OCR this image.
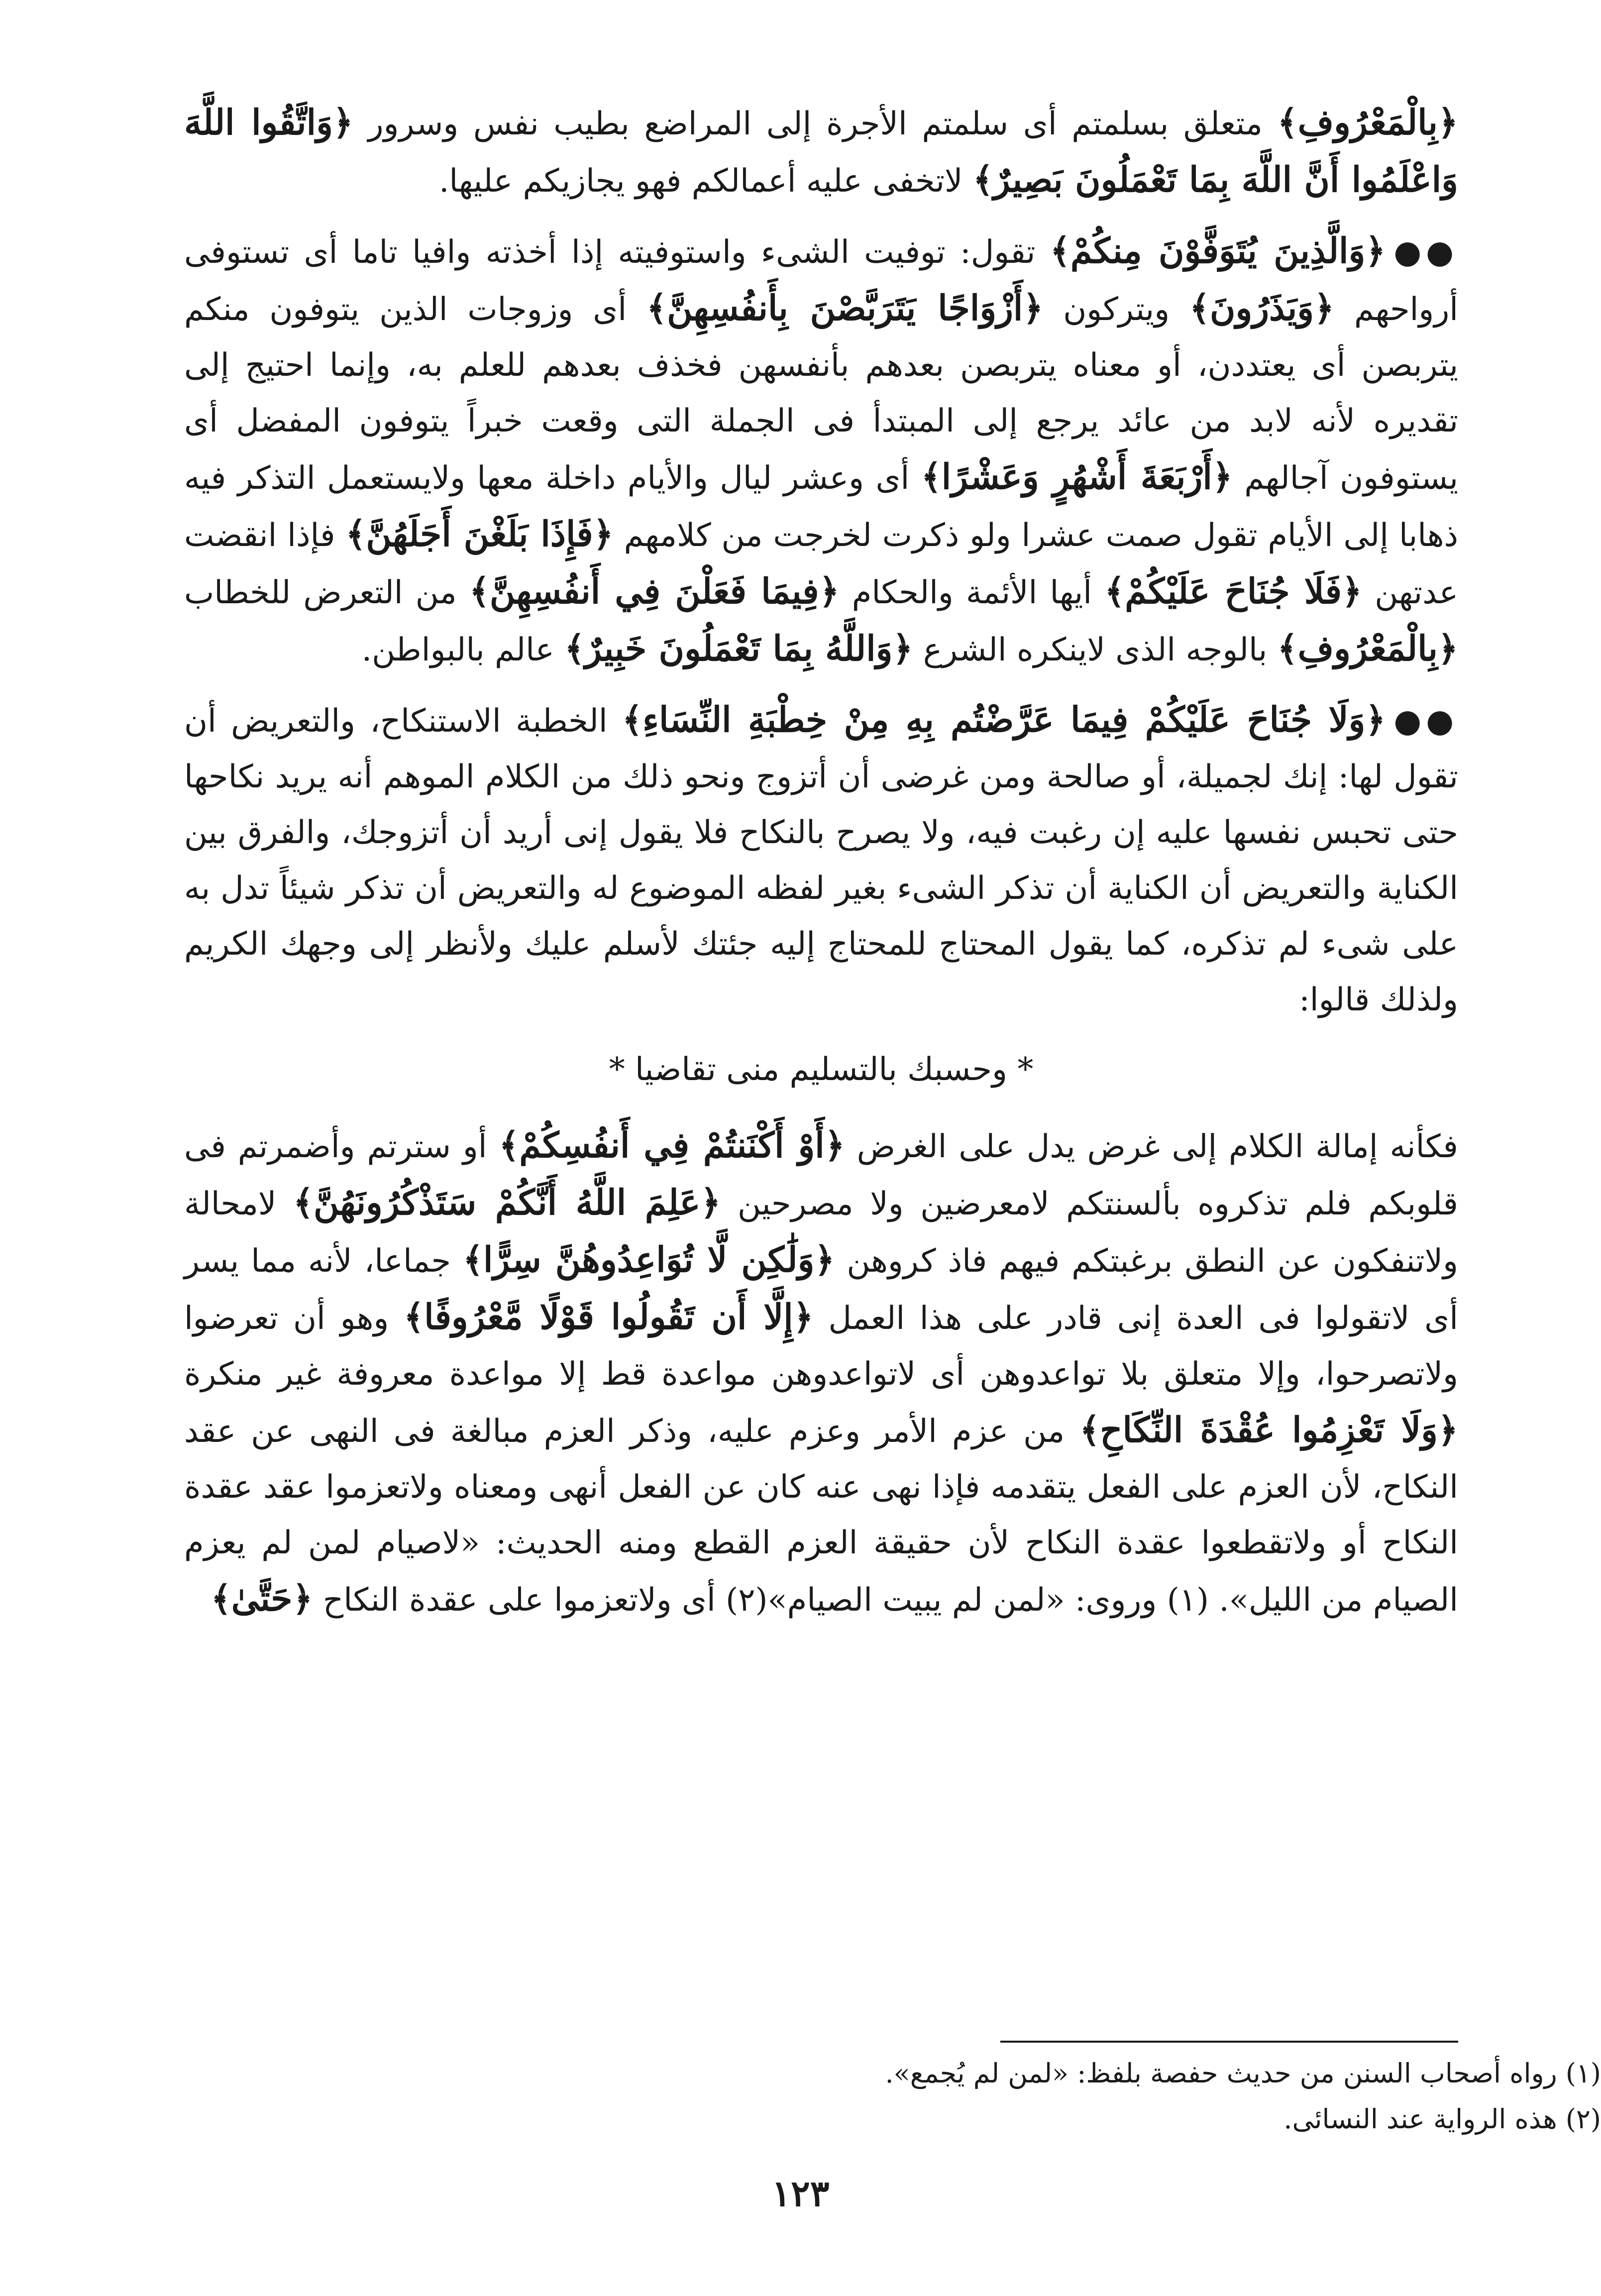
﴿بِالْمَعْرُوفِ﴾ متعلق بسلمتم أى سلمتم الأجرة إلى المراضع بطيب نفس وسرور ﴿وَاتَّقُوا اللَّهَ وَاعْلَمُوا أَنَّ اللَّهَ بِمَا تَعْمَلُونَ بَصِيرٌ﴾ لاتخفى عليه أعمالكم فهو يجازيكم عليها.

●●﴿وَالَّذِينَ يُتَوَفَّوْنَ مِنكُمْ﴾ تقول: توفيت الشىء واستوفيته إذا أخذته وافيا تاما أى تستوفى أرواحهم ﴿وَيَذَرُونَ﴾ ويتركون ﴿أَزْوَاجًا يَتَرَبَّصْنَ بِأَنفُسِهِنَّ﴾ أى وزوجات الذين يتوفون منكم يتربصن أى يعتددن، أو معناه يتربصن بعدهم بأنفسهن فخذف بعدهم للعلم به، وإنما احتيج إلى تقديره لأنه لابد من عائد يرجع إلى المبتدأ فى الجملة التى وقعت خبراً يتوفون المفضل أى يستوفون آجالهم ﴿أَرْبَعَةَ أَشْهُرٍ وَعَشْرًا﴾ أى وعشر ليال والأيام داخلة معها ولايستعمل التذكر فيه ذهابا إلى الأيام تقول صمت عشرا ولو ذكرت لخرجت من كلامهم ﴿فَإِذَا بَلَغْنَ أَجَلَهُنَّ﴾ فإذا انقضت عدتهن ﴿فَلَا جُنَاحَ عَلَيْكُمْ﴾ أيها الأئمة والحكام ﴿فِيمَا فَعَلْنَ فِي أَنفُسِهِنَّ﴾ من التعرض للخطاب ﴿بِالْمَعْرُوفِ﴾ بالوجه الذى لاينكره الشرع ﴿وَاللَّهُ بِمَا تَعْمَلُونَ خَبِيرٌ﴾ عالم بالبواطن.

●●﴿وَلَا جُنَاحَ عَلَيْكُمْ فِيمَا عَرَّضْتُم بِهِ مِنْ خِطْبَةِ النِّسَاءِ﴾ الخطبة الاستنكاح، والتعريض أن تقول لها: إنك لجميلة، أو صالحة ومن غرضى أن أتزوج ونحو ذلك من الكلام الموهم أنه يريد نكاحها حتى تحبس نفسها عليه إن رغبت فيه، ولا يصرح بالنكاح فلا يقول إنى أريد أن أتزوجك، والفرق بين الكناية والتعريض أن الكناية أن تذكر الشىء بغير لفظه الموضوع له والتعريض أن تذكر شيئاً تدل به على شىء لم تذكره، كما يقول المحتاج للمحتاج إليه جئتك لأسلم عليك ولأنظر إلى وجهك الكريم ولذلك قالوا:

* وحسبك بالتسليم منى تقاضيا *

فكأنه إمالة الكلام إلى غرض يدل على الغرض ﴿أَوْ أَكْنَنتُمْ فِي أَنفُسِكُمْ﴾ أو سترتم وأضمرتم فى قلوبكم فلم تذكروه بألسنتكم لامعرضين ولا مصرحين ﴿عَلِمَ اللَّهُ أَنَّكُمْ سَتَذْكُرُونَهُنَّ﴾ لامحالة ولاتنفكون عن النطق برغبتكم فيهم فاذ كروهن ﴿وَلَٰكِن لَّا تُوَاعِدُوهُنَّ سِرًّا﴾ جماعا، لأنه مما يسر أى لاتقولوا فى العدة إنى قادر على هذا العمل ﴿إِلَّا أَن تَقُولُوا قَوْلًا مَّعْرُوفًا﴾ وهو أن تعرضوا ولاتصرحوا، وإلا متعلق بلا تواعدوهن أى لاتواعدوهن مواعدة قط إلا مواعدة معروفة غير منكرة ﴿وَلَا تَعْزِمُوا عُقْدَةَ النِّكَاحِ﴾ من عزم الأمر وعزم عليه، وذكر العزم مبالغة فى النهى عن عقد النكاح، لأن العزم على الفعل يتقدمه فإذا نهى عنه كان عن الفعل أنهى ومعناه ولاتعزموا عقد عقدة النكاح أو ولاتقطعوا عقدة النكاح لأن حقيقة العزم القطع ومنه الحديث: «لاصيام لمن لم يعزم الصيام من الليل». (١) وروى: «لمن لم يبيت الصيام»(٢) أى ولاتعزموا على عقدة النكاح ﴿حَتَّىٰ﴾

(١) رواه أصحاب السنن من حديث حفصة بلفظ: «لمن لم يُجمع».
(٢) هذه الرواية عند النسائى.
١٢٣
